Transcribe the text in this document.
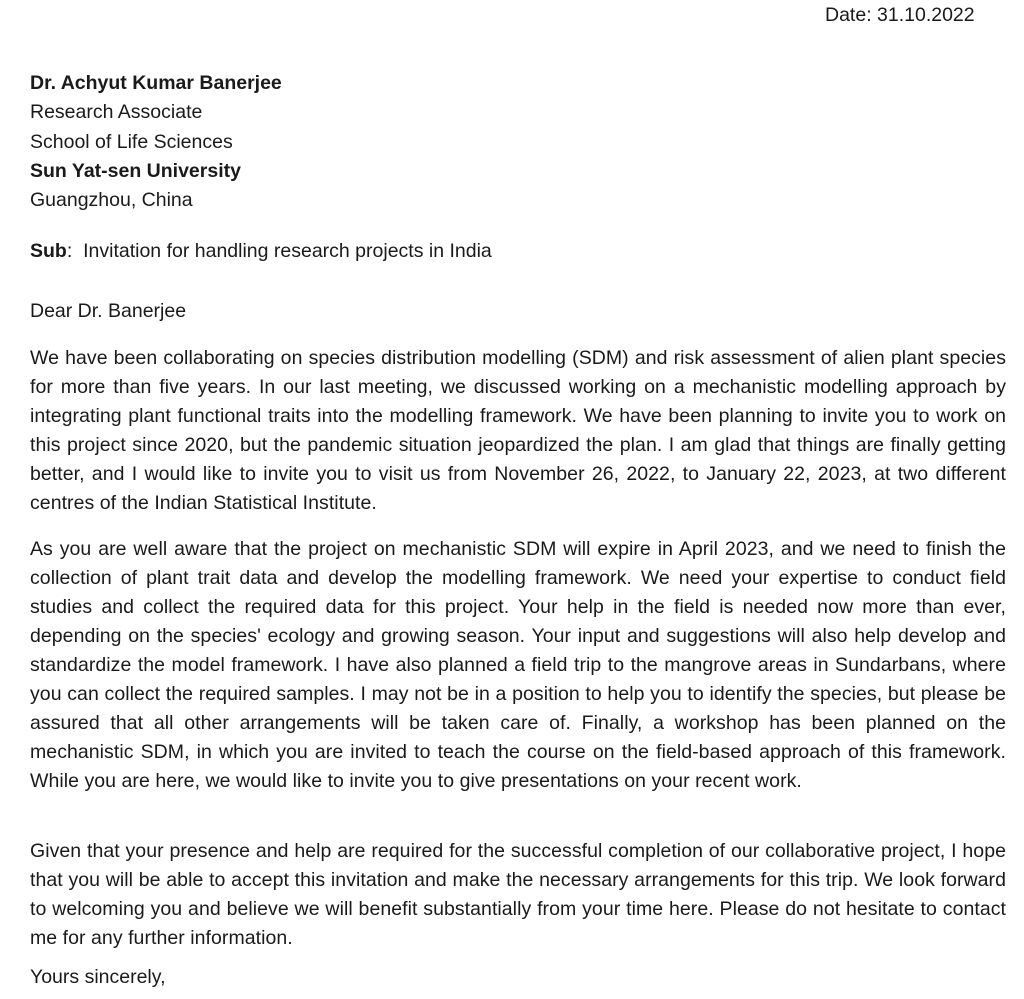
Date: 31.10.2022
Dr. Achyut Kumar Banerjee
Research Associate
School of Life Sciences
Sun Yat-sen University
Guangzhou, China
Sub:  Invitation for handling research projects in India
Dear Dr. Banerjee

We have been collaborating on species distribution modelling (SDM) and risk assessment of alien plant species for more than five years. In our last meeting, we discussed working on a mechanistic modelling approach by integrating plant functional traits into the modelling framework. We have been planning to invite you to work on this project since 2020, but the pandemic situation jeopardized the plan. I am glad that things are finally getting better, and I would like to invite you to visit us from November 26, 2022, to January 22, 2023, at two different centres of the Indian Statistical Institute.

As you are well aware that the project on mechanistic SDM will expire in April 2023, and we need to finish the collection of plant trait data and develop the modelling framework. We need your expertise to conduct field studies and collect the required data for this project. Your help in the field is needed now more than ever, depending on the species' ecology and growing season. Your input and suggestions will also help develop and standardize the model framework. I have also planned a field trip to the mangrove areas in Sundarbans, where you can collect the required samples. I may not be in a position to help you to identify the species, but please be assured that all other arrangements will be taken care of. Finally, a workshop has been planned on the mechanistic SDM, in which you are invited to teach the course on the field-based approach of this framework. While you are here, we would like to invite you to give presentations on your recent work.

Given that your presence and help are required for the successful completion of our collaborative project, I hope that you will be able to accept this invitation and make the necessary arrangements for this trip. We look forward to welcoming you and believe we will benefit substantially from your time here. Please do not hesitate to contact me for any further information.

Yours sincerely,
